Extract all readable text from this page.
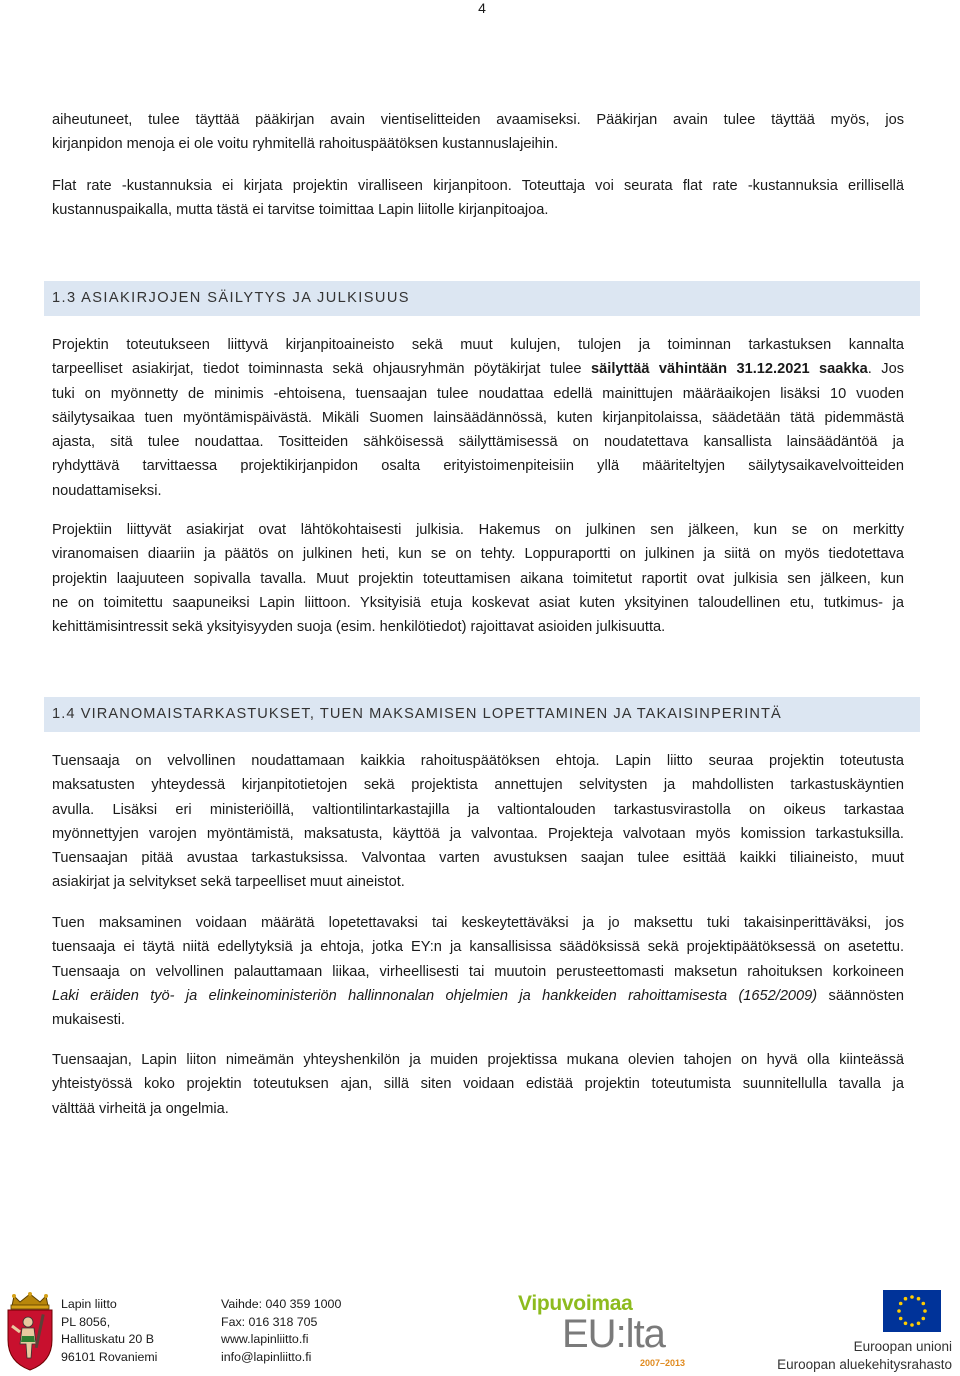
4
aiheutuneet, tulee täyttää pääkirjan avain vientiselitteiden avaamiseksi. Pääkirjan avain tulee täyttää myös, jos
kirjanpidon menoja ei ole voitu ryhmitellä rahoituspäätöksen kustannuslajeihin.
Flat rate -kustannuksia ei kirjata projektin viralliseen kirjanpitoon. Toteuttaja voi seurata flat rate -kustannuksia erillisellä
kustannuspaikalla, mutta tästä ei tarvitse toimittaa Lapin liitolle kirjanpitoajoa.
1.3 ASIAKIRJOJEN SÄILYTYS JA JULKISUUS
Projektin toteutukseen liittyvä kirjanpitoaineisto sekä muut kulujen, tulojen ja toiminnan tarkastuksen kannalta
tarpeelliset asiakirjat, tiedot toiminnasta sekä ohjausryhmän pöytäkirjat tulee säilyttää vähintään 31.12.2021 saakka. Jos
tuki on myönnetty de minimis -ehtoisena, tuensaajan tulee noudattaa edellä mainittujen määräaikojen lisäksi 10 vuoden
säilytysaikaa tuen myöntämispäivästä. Mikäli Suomen lainsäädännössä, kuten kirjanpitolaissa, säädetään tätä pidemmästä
ajasta, sitä tulee noudattaa. Tositteiden sähköisessä säilyttämisessä on noudatettava kansallista lainsäädäntöä ja
ryhdyttävä tarvittaessa projektikirjanpidon osalta erityistoimenpiteisiin yllä määriteltyjen säilytysaikavelvoitteiden
noudattamiseksi.
Projektiin liittyvät asiakirjat ovat lähtökohtaisesti julkisia. Hakemus on julkinen sen jälkeen, kun se on merkitty
viranomaisen diaariin ja päätös on julkinen heti, kun se on tehty. Loppuraportti on julkinen ja siitä on myös tiedotettava
projektin laajuuteen sopivalla tavalla. Muut projektin toteuttamisen aikana toimitetut raportit ovat julkisia sen jälkeen, kun
ne on toimitettu saapuneiksi Lapin liittoon. Yksityisiä etuja koskevat asiat kuten yksityinen taloudellinen etu, tutkimus- ja
kehittämisintressit sekä yksityisyyden suoja (esim. henkilötiedot) rajoittavat asioiden julkisuutta.
1.4 VIRANOMAISTARKASTUKSET, TUEN MAKSAMISEN LOPETTAMINEN JA TAKAISINPERINTÄ
Tuensaaja on velvollinen noudattamaan kaikkia rahoituspäätöksen ehtoja. Lapin liitto seuraa projektin toteutusta
maksatusten yhteydessä kirjanpitotietojen sekä projektista annettujen selvitysten ja mahdollisten tarkastuskäyntien
avulla. Lisäksi eri ministeriöillä, valtiontilintarkastajilla ja valtiontalouden tarkastusvirastolla on oikeus tarkastaa
myönnettyjen varojen myöntämistä, maksatusta, käyttöä ja valvontaa. Projekteja valvotaan myös komission tarkastuksilla.
Tuensaajan pitää avustaa tarkastuksissa. Valvontaa varten avustuksen saajan tulee esittää kaikki tiliaineisto, muut
asiakirjat ja selvitykset sekä tarpeelliset muut aineistot.
Tuen maksaminen voidaan määrätä lopetettavaksi tai keskeytettäväksi ja jo maksettu tuki takaisinperittäväksi, jos
tuensaaja ei täytä niitä edellytyksiä ja ehtoja, jotka EY:n ja kansallisissa säädöksissä sekä projektipäätöksessä on asetettu.
Tuensaaja on velvollinen palauttamaan liikaa, virheellisesti tai muutoin perusteettomasti maksetun rahoituksen korkoineen
Laki eräiden työ- ja elinkeinoministeriön hallinnonalan ohjelmien ja hankkeiden rahoittamisesta (1652/2009) säännösten
mukaisesti.
Tuensaajan, Lapin liiton nimeämän yhteyshenkilön ja muiden projektissa mukana olevien tahojen on hyvä olla kiinteässä
yhteistyössä koko projektin toteutuksen ajan, sillä siten voidaan edistää projektin toteutumista suunnitellulla tavalla ja
välttää virheitä ja ongelmia.
Lapin liitto
PL 8056,
Hallituskatu 20 B
96101 Rovaniemi
Vaihde: 040 359 1000
Fax: 016 318 705
www.lapinliitto.fi
info@lapinliitto.fi
Vipuvoimaa
EU:lta
2007–2013
Euroopan unioni
Euroopan aluekehitysrahasto
